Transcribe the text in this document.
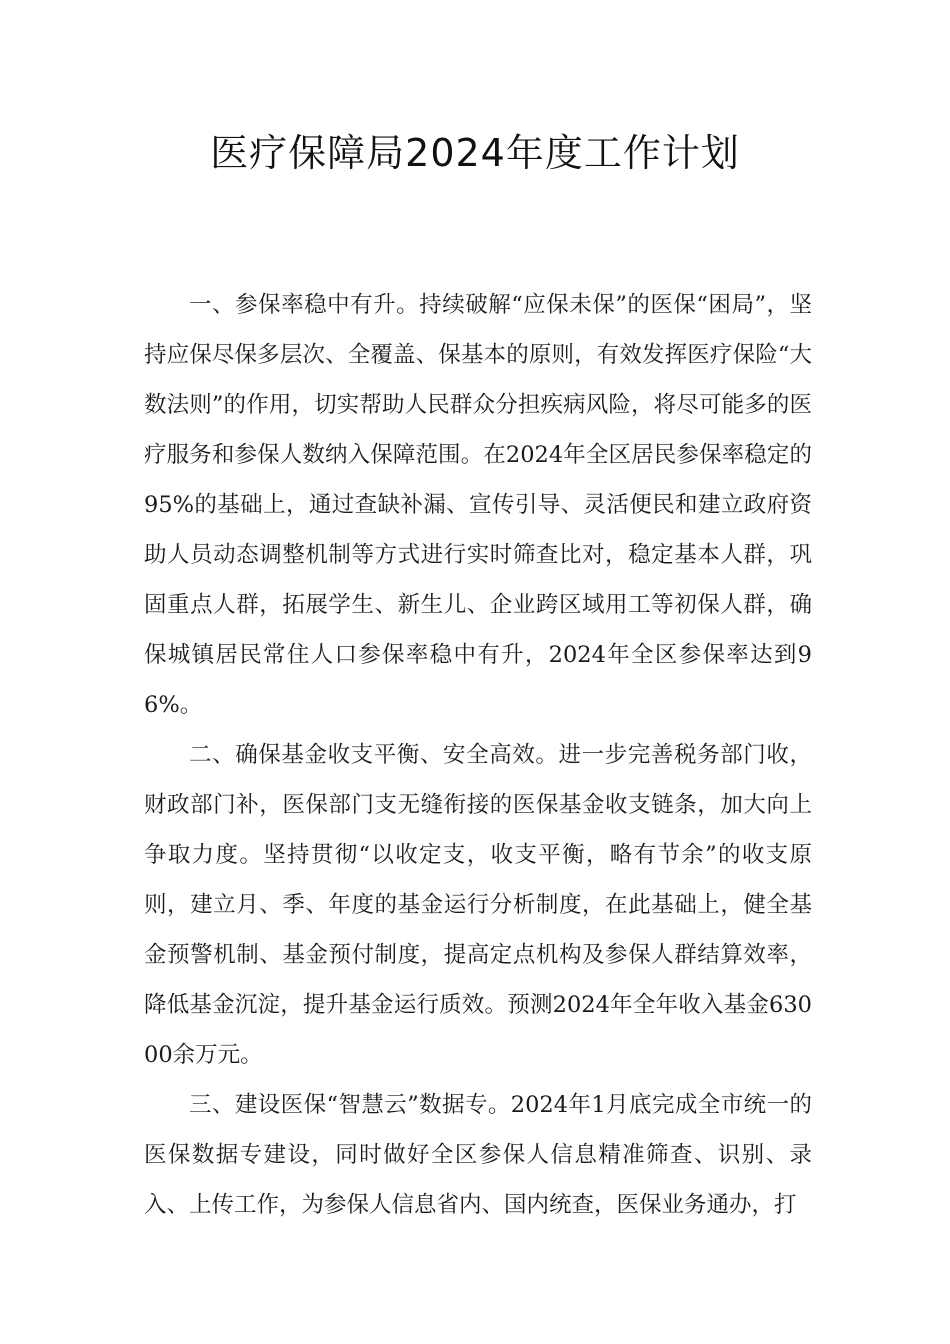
医疗保障局2024年度工作计划

一、参保率稳中有升。持续破解“应保未保”的医保“困局”，坚持应保尽保多层次、全覆盖、保基本的原则，有效发挥医疗保险“大数法则”的作用，切实帮助人民群众分担疾病风险，将尽可能多的医疗服务和参保人数纳入保障范围。在2024年全区居民参保率稳定的95%的基础上，通过查缺补漏、宣传引导、灵活便民和建立政府资助人员动态调整机制等方式进行实时筛查比对，稳定基本人群，巩固重点人群，拓展学生、新生儿、企业跨区域用工等初保人群，确保城镇居民常住人口参保率稳中有升，2024年全区参保率达到96%。

二、确保基金收支平衡、安全高效。进一步完善税务部门收，财政部门补，医保部门支无缝衔接的医保基金收支链条，加大向上争取力度。坚持贯彻“以收定支，收支平衡，略有节余”的收支原则，建立月、季、年度的基金运行分析制度，在此基础上，健全基金预警机制、基金预付制度，提高定点机构及参保人群结算效率，降低基金沉淀，提升基金运行质效。预测2024年全年收入基金63000余万元。

三、建设医保“智慧云”数据专。2024年1月底完成全市统一的医保数据专建设，同时做好全区参保人信息精准筛查、识别、录入、上传工作，为参保人信息省内、国内统查，医保业务通办，打
